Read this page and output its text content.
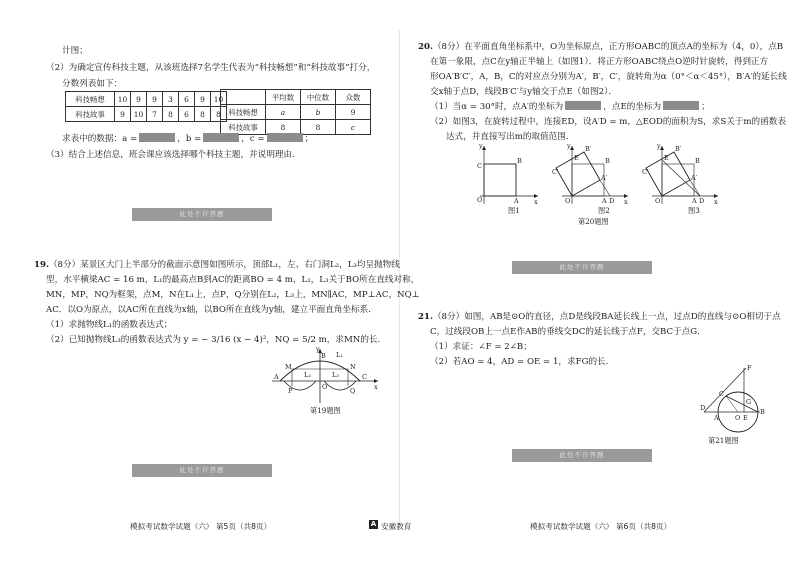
计图；
（2）为确定宣传科技主题，从该班选择7名学生代表为“科技畅想”和“科技故事”打分，
分数列表如下：
科技畅想	10	9	9	3	6	9	10
科技故事	9	10	7	8	6	8	8
	平均数	中位数	众数
科技畅想	a	b	9
科技故事	8	8	c
求表中的数据：a =	，b =	，c =	；
（3）结合上述信息，班会课应该选择哪个科技主题，并说明理由.
此处不许答题
19.（8分）某景区大门上半部分的截面示意图如图所示，顶部L₁，左、右门洞L₂，L₃均呈抛物线
型，水平横梁AC = 16 m，L₁的最高点B到AC的距离BO = 4 m，L₂，L₃关于BO所在直线对称，
MN，MP，NQ为框架，点M，N在L₁上，点P，Q分别在L₂，L₃上，MN∥AC，MP⊥AC，NQ⊥
AC．以O为原点，以AC所在直线为x轴，以BO所在直线为y轴，建立平面直角坐标系．
（1）求抛物线L₁的函数表达式；
（2）已知抛物线L₃的函数表达式为 y = − 3/16 (x − 4)²，NQ = 5/2 m，求MN的长.
y
x
B
M	N
A	C
O
P	Q
L₁
L₂	L₃
第19题图
此处不许答题
模拟考试数学试题（六） 第5页（共8页）	A 安徽教育
20.（8分）在平面直角坐标系中，O为坐标原点，正方形OABC的顶点A的坐标为（4，0），点B
在第一象限，点C在y轴正半轴上（如图1）．将正方形OABC绕点O逆时针旋转，得到正方
形OA′B′C′，A，B，C的对应点分别为A′，B′，C′，旋转角为α（0°＜α＜45°），B′A′的延长线
交x轴于点D，线段B′C′与y轴交于点E（如图2）．
（1）当α = 30°时，点A′的坐标为	，点E的坐标为	；
（2）如图3，在旋转过程中，连接ED，设A′D = m，△EOD的面积为S，求S关于m的函数表
达式，并直接写出m的取值范围.
y
x
O	A
B
C
图1
y
x
O	A D
A′
B′
C′
E	B
图2
y
x
O	A D
A′
B′
C′
E	B
图3
第20题图
此处不许答题
21.（8分）如图，AB是⊙O的直径，点D是线段BA延长线上一点，过点D的直线与⊙O相切于点
C，过线段OB上一点E作AB的垂线交DC的延长线于点F，交BC于点G．
（1）求证：∠F = 2∠B；
（2）若AO = 4，AD = OE = 1，求FG的长.
F
C
G
D
A	O E
B
第21题图
此处不许答题
模拟考试数学试题（六） 第6页（共8页）
